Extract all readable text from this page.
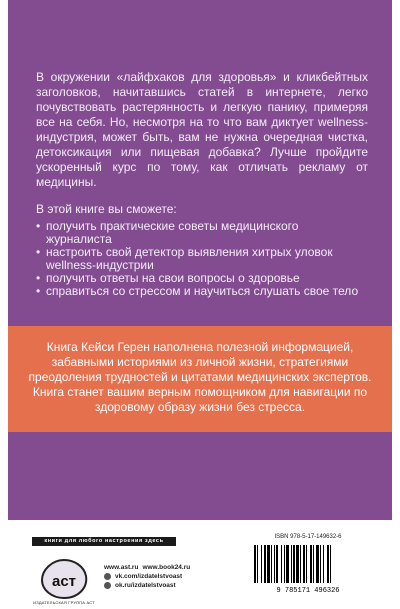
В окружении «лайфхаков для здоровья» и кликбейтных заголовков, начитавшись статей в интернете, легко почувствовать растерянность и легкую панику, примеряя все на себя. Но, несмотря на то что вам диктует wellness-индустрия, может быть, вам не нужна очередная чистка, детоксикация или пищевая добавка? Лучше пройдите ускоренный курс по тому, как отличать рекламу от медицины.

В этой книге вы сможете:

• получить практические советы медицинского журналиста
• настроить свой детектор выявления хитрых уловок wellness-индустрии
• получить ответы на свои вопросы о здоровье
• справиться со стрессом и научиться слушать свое тело

Книга Кейси Герен наполнена полезной информацией, забавными историями из личной жизни, стратегиями преодоления трудностей и цитатами медицинских экспертов. Книга станет вашим верным помощником для навигации по здоровому образу жизни без стресса.

книги для любого настроения здесь
ISBN 978-5-17-149632-6
9 785171 496326
аст
ИЗДАТЕЛЬСКАЯ ГРУППА АСТ
www.ast.ru www.book24.ru
vk.com/izdatelstvoast
ok.ru/izdatelstvoast
